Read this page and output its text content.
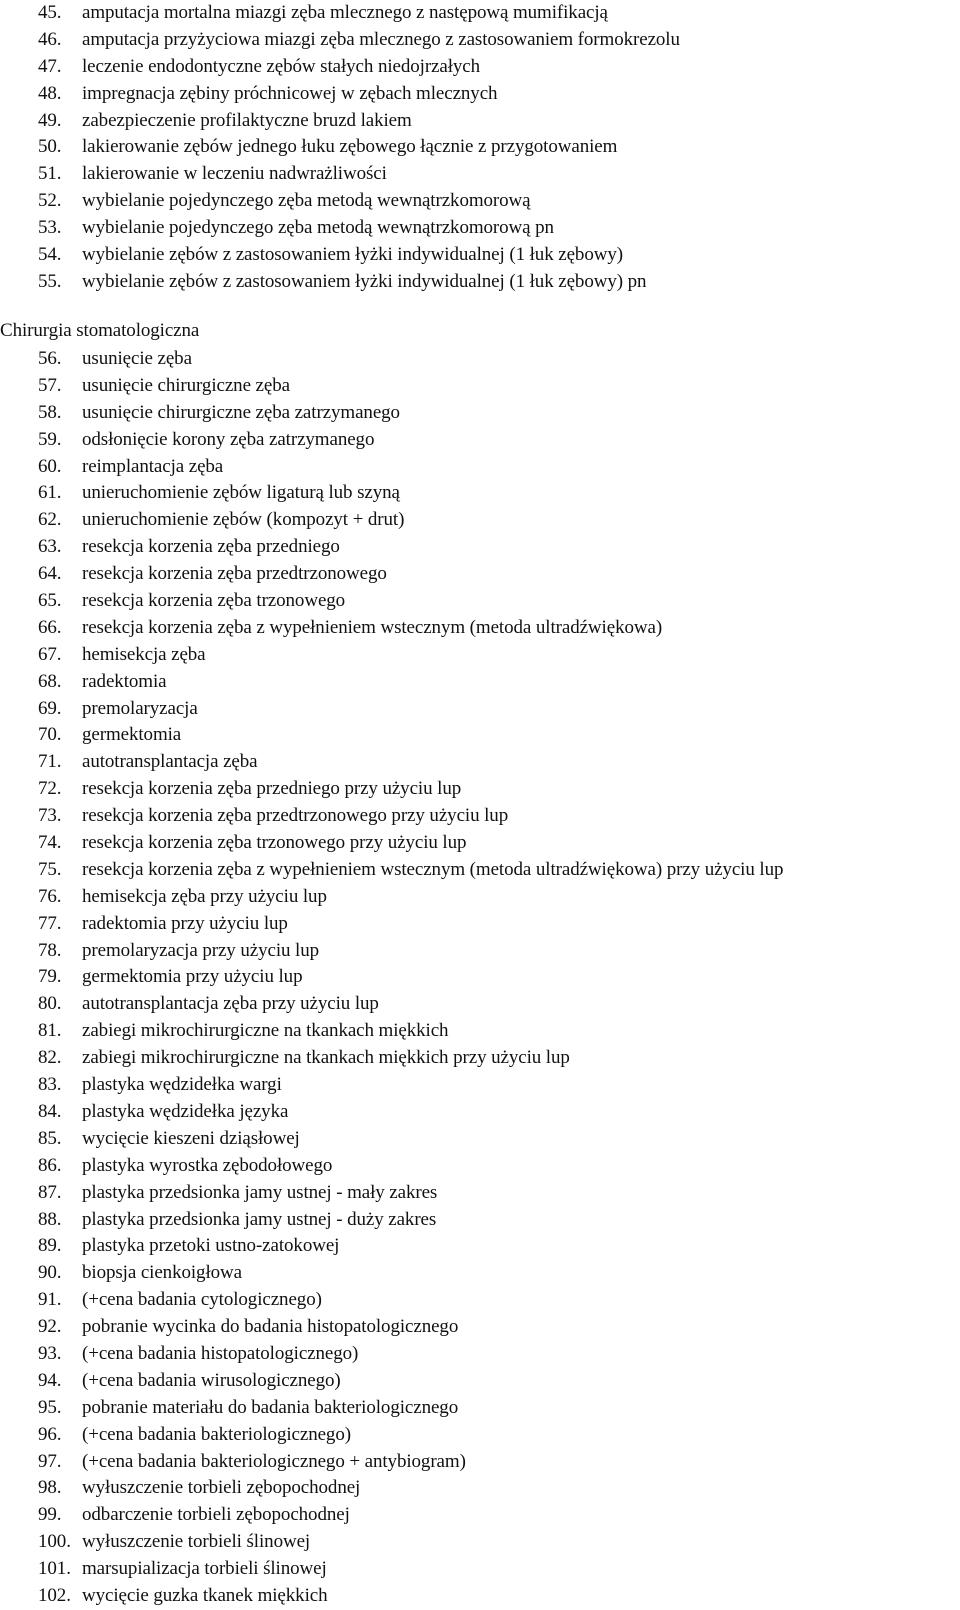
45.	amputacja mortalna miazgi zęba mlecznego z następową mumifikacją
46.	amputacja przyżyciowa miazgi zęba mlecznego z zastosowaniem formokrezolu
47.	leczenie endodontyczne zębów stałych niedojrzałych
48.	impregnacja zębiny próchnicowej w zębach mlecznych
49.	zabezpieczenie profilaktyczne bruzd lakiem
50.	lakierowanie zębów jednego łuku zębowego łącznie z przygotowaniem
51.	lakierowanie w leczeniu nadwrażliwości
52.	wybielanie pojedynczego zęba metodą wewnątrzkomorową
53.	wybielanie pojedynczego zęba metodą wewnątrzkomorową pn
54.	wybielanie zębów z zastosowaniem łyżki indywidualnej (1 łuk zębowy)
55.	wybielanie zębów z zastosowaniem łyżki indywidualnej (1 łuk zębowy) pn
Chirurgia stomatologiczna
56.	usunięcie zęba
57.	usunięcie chirurgiczne zęba
58.	usunięcie chirurgiczne zęba zatrzymanego
59.	odsłonięcie korony zęba zatrzymanego
60.	reimplantacja zęba
61.	unieruchomienie zębów ligaturą lub szyną
62.	unieruchomienie zębów (kompozyt + drut)
63.	resekcja korzenia zęba przedniego
64.	resekcja korzenia zęba przedtrzonowego
65.	resekcja korzenia zęba trzonowego
66.	resekcja korzenia zęba z wypełnieniem wstecznym (metoda ultradźwiękowa)
67.	hemisekcja zęba
68.	radektomia
69.	premolaryzacja
70.	germektomia
71.	autotransplantacja zęba
72.	resekcja korzenia zęba przedniego przy użyciu lup
73.	resekcja korzenia zęba przedtrzonowego przy użyciu lup
74.	resekcja korzenia zęba trzonowego przy użyciu lup
75.	resekcja korzenia zęba z wypełnieniem wstecznym (metoda ultradźwiękowa) przy użyciu lup
76.	hemisekcja zęba przy użyciu lup
77.	radektomia przy użyciu lup
78.	premolaryzacja przy użyciu lup
79.	germektomia przy użyciu lup
80.	autotransplantacja zęba przy użyciu lup
81.	zabiegi mikrochirurgiczne na tkankach miękkich
82.	zabiegi mikrochirurgiczne na tkankach miękkich przy użyciu lup
83.	plastyka wędzidełka wargi
84.	plastyka wędzidełka języka
85.	wycięcie kieszeni dziąsłowej
86.	plastyka wyrostka zębodołowego
87.	plastyka przedsionka jamy ustnej - mały zakres
88.	plastyka przedsionka jamy ustnej - duży zakres
89.	plastyka przetoki ustno-zatokowej
90.	biopsja cienkoigłowa
91.	(+cena badania cytologicznego)
92.	pobranie wycinka do badania histopatologicznego
93.	(+cena badania histopatologicznego)
94.	(+cena badania wirusologicznego)
95.	pobranie materiału do badania bakteriologicznego
96.	(+cena badania bakteriologicznego)
97.	(+cena badania bakteriologicznego + antybiogram)
98.	wyłuszczenie torbieli zębopochodnej
99.	odbarczenie torbieli zębopochodnej
100. wyłuszczenie torbieli ślinowej
101. marsupializacja torbieli ślinowej
102. wycięcie guzka tkanek miękkich
